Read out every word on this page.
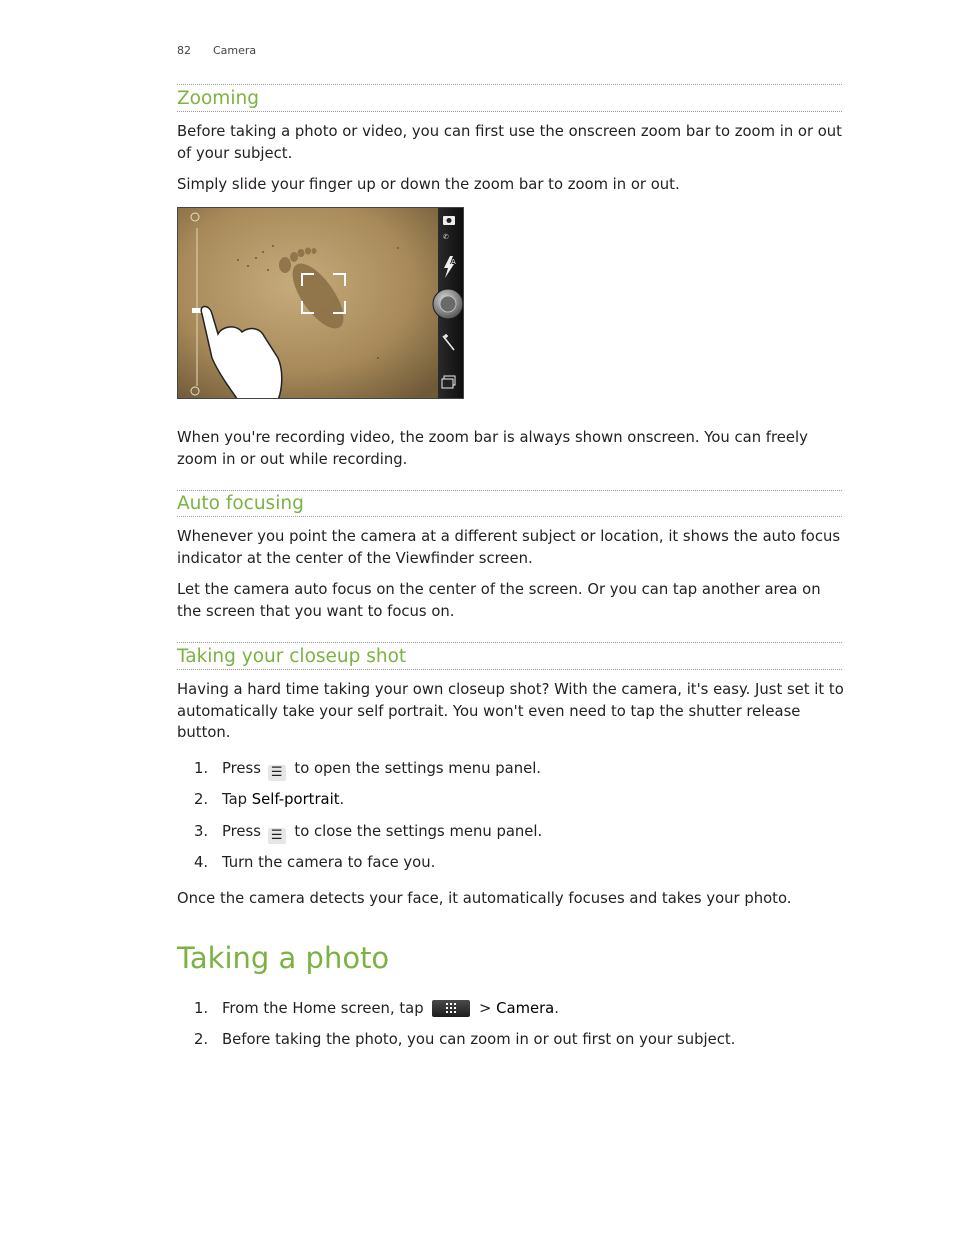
82 Camera
Zooming
Before taking a photo or video, you can first use the onscreen zoom bar to zoom in or out of your subject.
Simply slide your finger up or down the zoom bar to zoom in or out.
✆
A
When you're recording video, the zoom bar is always shown onscreen. You can freely zoom in or out while recording.
Auto focusing
Whenever you point the camera at a different subject or location, it shows the auto focus indicator at the center of the Viewfinder screen.
Let the camera auto focus on the center of the screen. Or you can tap another area on the screen that you want to focus on.
Taking your closeup shot
Having a hard time taking your own closeup shot? With the camera, it's easy. Just set it to automatically take your self portrait. You won't even need to tap the shutter release button.
1. Press ☰ to open the settings menu panel.
2. Tap Self-portrait.
3. Press ☰ to close the settings menu panel.
4. Turn the camera to face you.
Once the camera detects your face, it automatically focuses and takes your photo.
Taking a photo
1. From the Home screen, tap	> Camera.
2. Before taking the photo, you can zoom in or out first on your subject.
